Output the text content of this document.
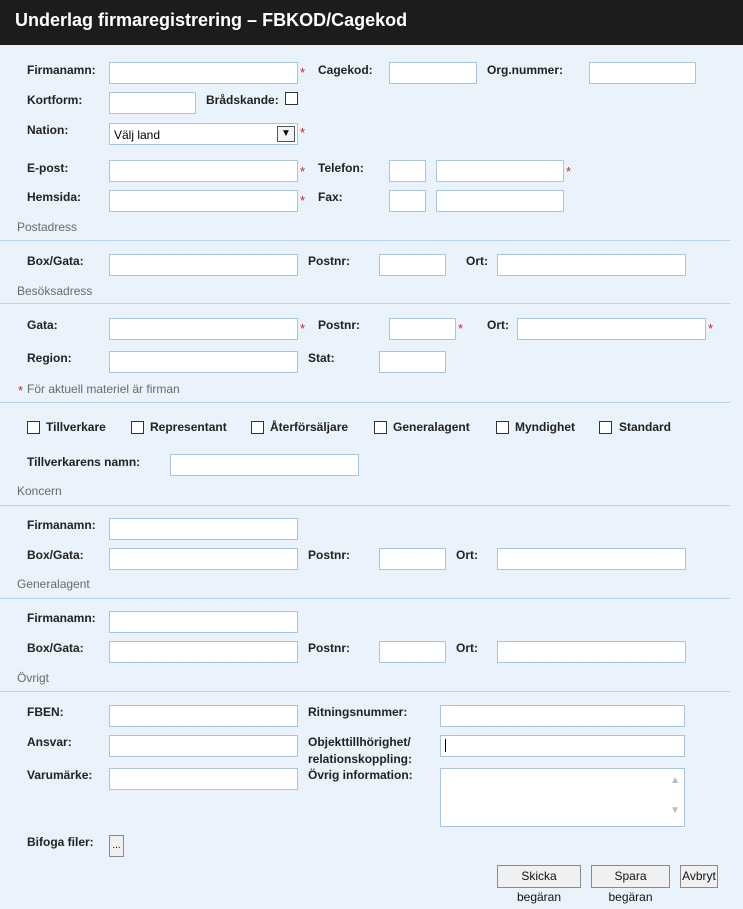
Underlag firmaregistrering – FBKOD/Cagekod
Firmanamn:	* Cagekod:	Org.nummer:
Kortform:	Brådskande:
Nation:	Välj land	▼ *
E-post:	* Telefon:	*
Hemsida:	* Fax:
Postadress
Box/Gata:	Postnr:	Ort:
Besöksadress
Gata:	* Postnr:	* Ort:	*
Region:	Stat:
* För aktuell materiel är firman
Tillverkare	Representant	Återförsäljare	Generalagent	Myndighet	Standard
Tillverkarens namn:
Koncern
Firmanamn:
Box/Gata:	Postnr:	Ort:
Generalagent
Firmanamn:
Box/Gata:	Postnr:	Ort:
Övrigt
FBEN:	Ritningsnummer:
Ansvar:	Objekttillhörighet/
relationskoppling:
Varumärke:	Övrig information:	▲
▼
Bifoga filer:	...
Skicka begäran
Spara begäran
Avbryt
